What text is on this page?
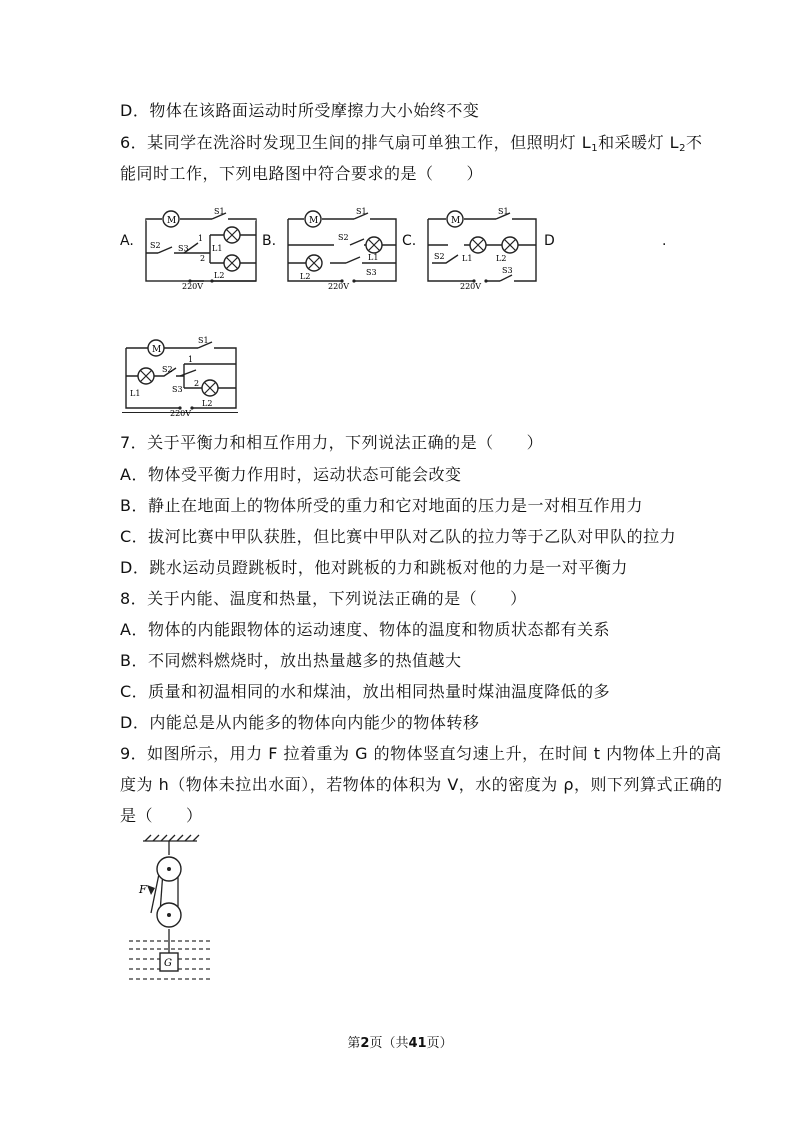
D．物体在该路面运动时所受摩擦力大小始终不变
6．某同学在洗浴时发现卫生间的排气扇可单独工作，但照明灯 $L_1$和采暖灯 $L_2$不
能同时工作，下列电路图中符合要求的是（　　）
A.	B.	C.	D	.
M
S1
S2 S3
1
2
L1
L2
220V
M
S1
S2
L1
L2	S3
220V
M
S1
S2 L1	L2
S3
220V
M
S1
S2
1
2
S3
L1
L2
220V
7．关于平衡力和相互作用力，下列说法正确的是（　　）
A．物体受平衡力作用时，运动状态可能会改变
B．静止在地面上的物体所受的重力和它对地面的压力是一对相互作用力
C．拔河比赛中甲队获胜，但比赛中甲队对乙队的拉力等于乙队对甲队的拉力
D．跳水运动员蹬跳板时，他对跳板的力和跳板对他的力是一对平衡力
8．关于内能、温度和热量，下列说法正确的是（　　）
A．物体的内能跟物体的运动速度、物体的温度和物质状态都有关系
B．不同燃料燃烧时，放出热量越多的热值越大
C．质量和初温相同的水和煤油，放出相同热量时煤油温度降低的多
D．内能总是从内能多的物体向内能少的物体转移
9．如图所示，用力 F 拉着重为 G 的物体竖直匀速上升，在时间 t 内物体上升的高
度为 h（物体未拉出水面），若物体的体积为 V，水的密度为 ρ，则下列算式正确的
是（　　）
F
G
第2页（共41页）
